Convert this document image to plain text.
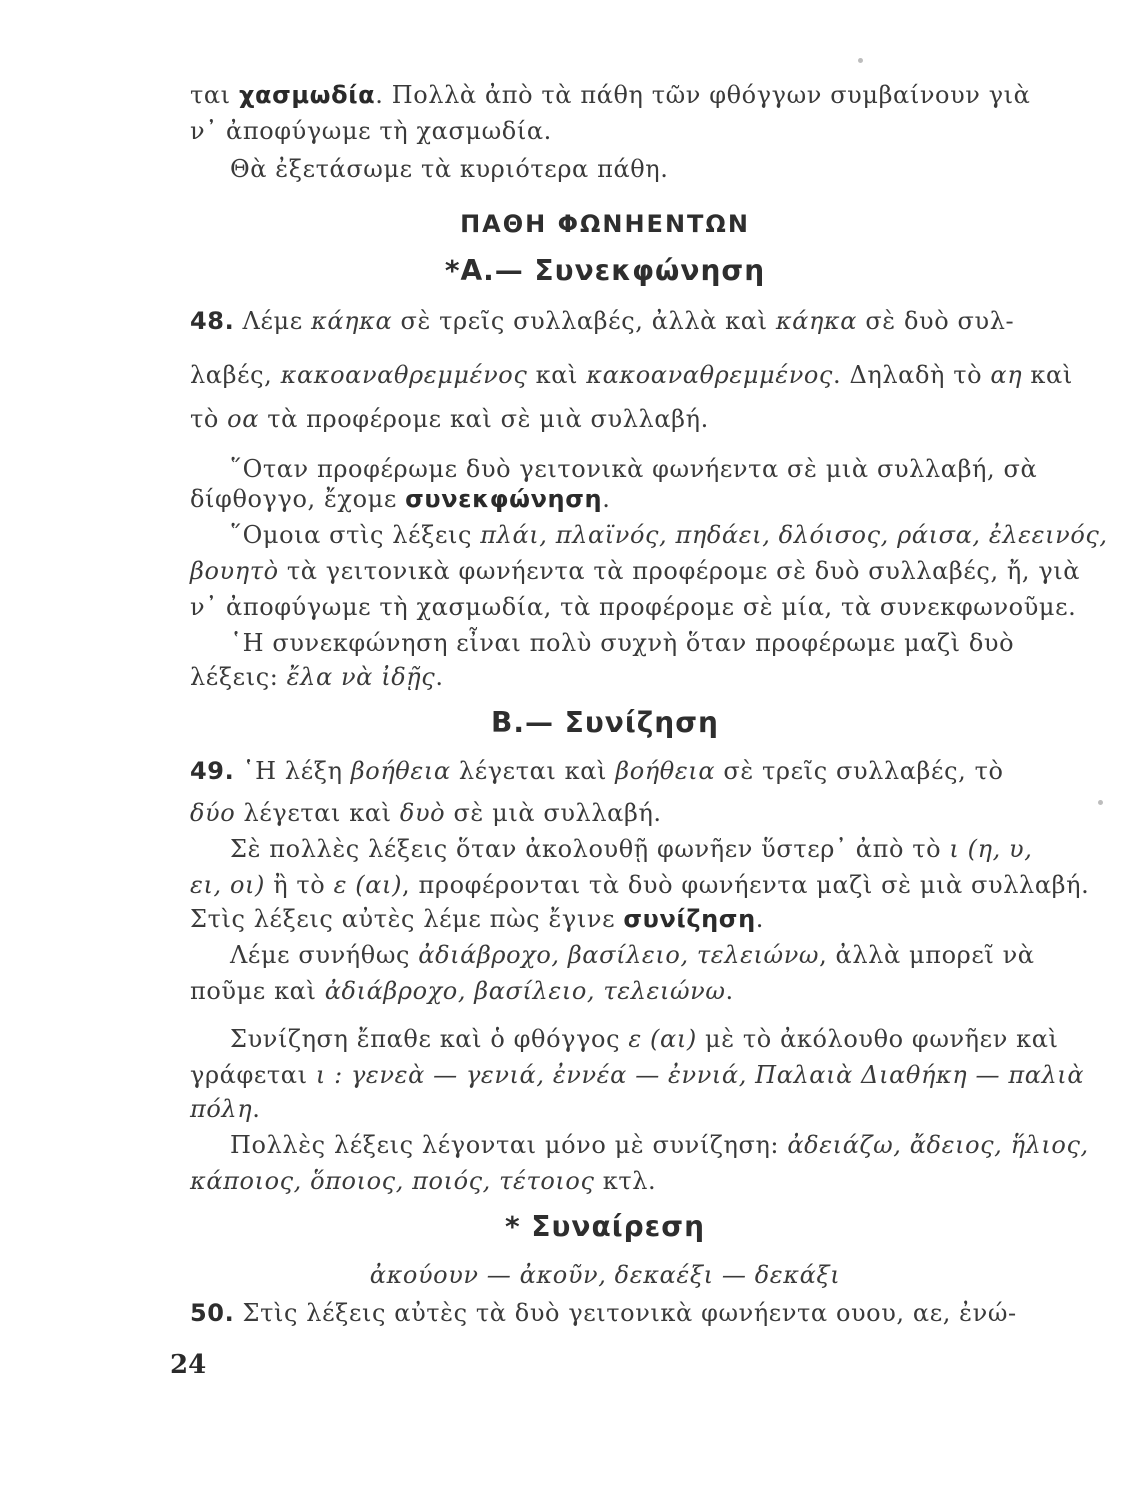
ται χασμωδία. Πολλὰ ἀπὸ τὰ πάθη τῶν φθόγγων συμβαίνουν γιὰ
ν᾽ ἀποφύγωμε τὴ χασμωδία.
Θὰ ἐξετάσωμε τὰ κυριότερα πάθη.
ΠΑΘΗ ΦΩΝΗΕΝΤΩΝ
*Α.— Συνεκφώνηση
48. Λέμε κάηκα σὲ τρεῖς συλλαβές, ἀλλὰ καὶ κάηκα σὲ δυὸ συλ-
λαβές, κακοαναθρεμμένος καὶ κακοαναθρεμμένος. Δηλαδὴ τὸ αη καὶ
τὸ οα τὰ προφέρομε καὶ σὲ μιὰ συλλαβή.
῞Οταν προφέρωμε δυὸ γειτονικὰ φωνήεντα σὲ μιὰ συλλαβή, σὰ
δίφθογγο, ἔχομε συνεκφώνηση.
῞Ομοια στὶς λέξεις πλάι, πλαϊνός, πηδάει, δλόισος, ράισα, ἐλεεινός,
βουητὸ τὰ γειτονικὰ φωνήεντα τὰ προφέρομε σὲ δυὸ συλλαβές, ἤ, γιὰ
ν᾽ ἀποφύγωμε τὴ χασμωδία, τὰ προφέρομε σὲ μία, τὰ συνεκφωνοῦμε.
῾Η συνεκφώνηση εἶναι πολὺ συχνὴ ὅταν προφέρωμε μαζὶ δυὸ
λέξεις: ἔλα νὰ ἰδῇς.
Β.— Συνίζηση
49. ῾Η λέξη βοήθεια λέγεται καὶ βοήθεια σὲ τρεῖς συλλαβές, τὸ
δύο λέγεται καὶ δυὸ σὲ μιὰ συλλαβή.
Σὲ πολλὲς λέξεις ὅταν ἀκολουθῇ φωνῆεν ὕστερ᾽ ἀπὸ τὸ ι (η, υ,
ει, οι) ἢ τὸ ε (αι), προφέρονται τὰ δυὸ φωνήεντα μαζὶ σὲ μιὰ συλλαβή.
Στὶς λέξεις αὐτὲς λέμε πὼς ἔγινε συνίζηση.
Λέμε συνήθως ἀδιάβροχο, βασίλειο, τελειώνω, ἀλλὰ μπορεῖ νὰ
ποῦμε καὶ ἀδιάβροχο, βασίλειο, τελειώνω.
Συνίζηση ἔπαθε καὶ ὁ φθόγγος ε (αι) μὲ τὸ ἀκόλουθο φωνῆεν καὶ
γράφεται ι : γενεὰ — γενιά, ἐννέα — ἐννιά, Παλαιὰ Διαθήκη — παλιὰ
πόλη.
Πολλὲς λέξεις λέγονται μόνο μὲ συνίζηση: ἀδειάζω, ἄδειος, ἥλιος,
κάποιος, ὅποιος, ποιός, τέτοιος κτλ.
* Συναίρεση
ἀκούουν — ἀκοῦν, δεκαέξι — δεκάξι
50. Στὶς λέξεις αὐτὲς τὰ δυὸ γειτονικὰ φωνήεντα ουου, αε, ἐνώ-
24
